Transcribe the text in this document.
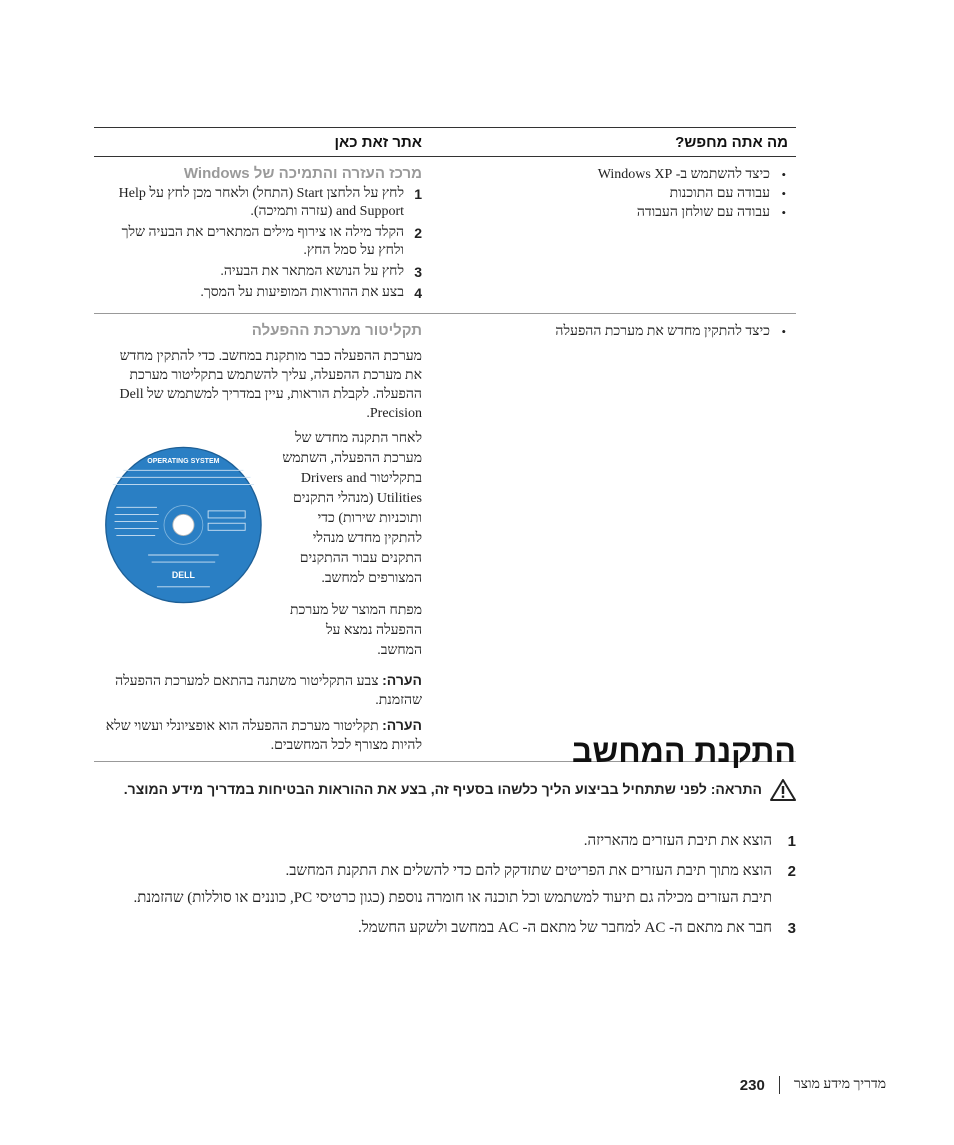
מה אתה מחפש?
אתר זאת כאן
• כיצד להשתמש ב- Windows XP
• עבודה עם התוכנות
• עבודה עם שולחן העבודה
מרכז העזרה והתמיכה של Windows
1
לחץ על הלחצן Start (התחל) ולאחר מכן לחץ על Help and Support (עזרה ותמיכה).
2
הקלד מילה או צירוף מילים המתארים את הבעיה שלך ולחץ על סמל החץ.
3
לחץ על הנושא המתאר את הבעיה.
4
בצע את ההוראות המופיעות על המסך.
• כיצד להתקין מחדש את מערכת ההפעלה
תקליטור מערכת ההפעלה

מערכת ההפעלה כבר מותקנת במחשב. כדי להתקין מחדש את מערכת ההפעלה, עליך להשתמש בתקליטור מערכת ההפעלה. לקבלת הוראות, עיין במדריך למשתמש של Dell Precision.

לאחר התקנה מחדש של מערכת ההפעלה, השתמש בתקליטור Drivers and Utilities (מנהלי התקנים ותוכניות שירות) כדי להתקין מחדש מנהלי התקנים עבור ההתקנים המצורפים למחשב.

מפתח המוצר של מערכת ההפעלה נמצא על המחשב.

OPERATING SYSTEM
DELL

הערה: צבע התקליטור משתנה בהתאם למערכת ההפעלה שהזמנת.

הערה: תקליטור מערכת ההפעלה הוא אופציונלי ועשוי שלא להיות מצורף לכל המחשבים.	התקנת המחשב
התראה: לפני שתתחיל בביצוע הליך כלשהו בסעיף זה, בצע את ההוראות הבטיחות במדריך מידע המוצר.
1
הוצא את תיבת העזרים מהאריזה.
2
הוצא מתוך תיבת העזרים את הפריטים שתזדקק להם כדי להשלים את התקנת המחשב.
תיבת העזרים מכילה גם תיעוד למשתמש וכל תוכנה או חומרה נוספת (כגון כרטיסי PC, כוננים או סוללות) שהזמנת.
3
חבר את מתאם ה- AC למחבר של מתאם ה- AC במחשב ולשקע החשמל.
מדריך מידע מוצר
230
